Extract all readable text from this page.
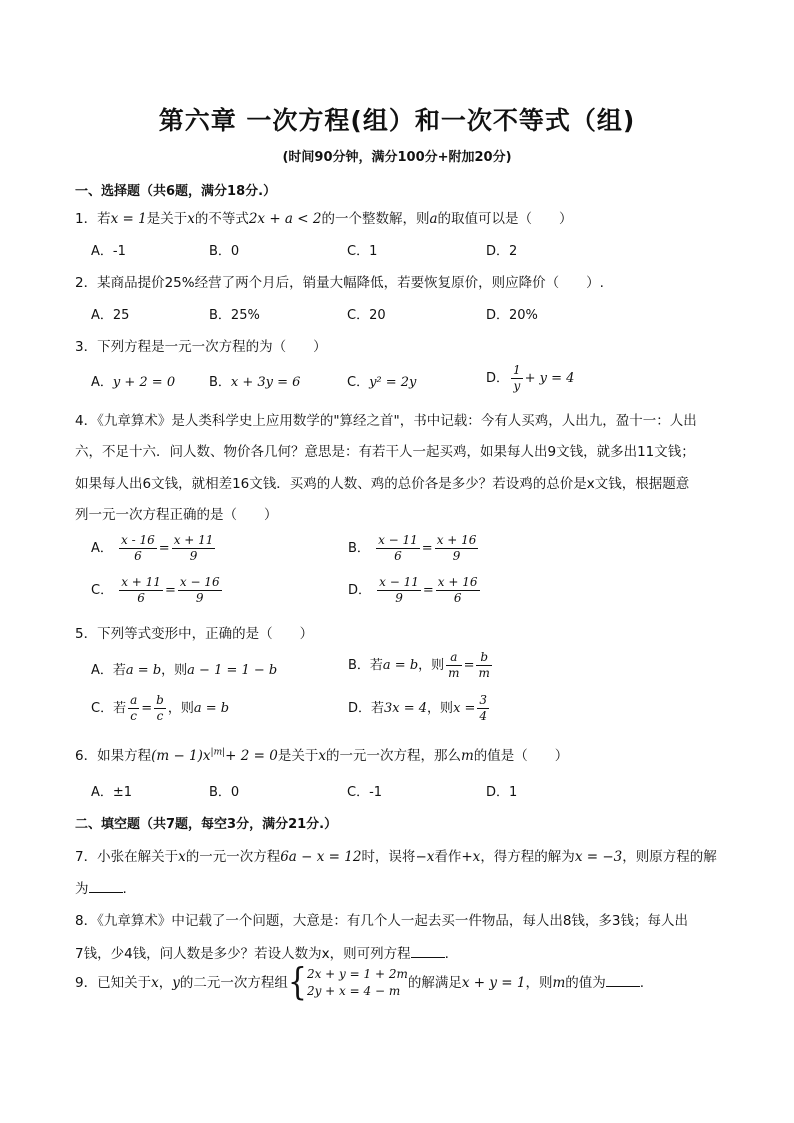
第六章 一次方程(组）和一次不等式（组)
(时间90分钟，满分100分+附加20分)
一、选择题（共6题，满分18分.）
1．若x = 1是关于x的不等式2x + a < 2的一个整数解，则a的取值可以是（　　）
A．-1	B．0	C．1	D．2
2．某商品提价25%经营了两个月后，销量大幅降低，若要恢复原价，则应降价（　　）.
A．25	B．25%	C．20	D．20%
3．下列方程是一元一次方程的为（　　）
A．y + 2 = 0	B．x + 3y = 6	C．y² = 2y	D． $\frac{1}{y} + y = 4$
4．《九章算术》是人类科学史上应用数学的"算经之首"，书中记载：今有人买鸡，人出九，盈十一：人出
六，不足十六．问人数、物价各几何？意思是：有若干人一起买鸡，如果每人出9文钱，就多出11文钱；
如果每人出6文钱，就相差16文钱．买鸡的人数、鸡的总价各是多少？若设鸡的总价是x文钱，根据题意
列一元一次方程正确的是（　　）
A． $\frac{x - 16}{6} = \frac{x + 11}{9}$	B． $\frac{x - 11}{6} = \frac{x + 16}{9}$
C． $\frac{x + 11}{6} = \frac{x - 16}{9}$	D． $\frac{x - 11}{9} = \frac{x + 16}{6}$
5．下列等式变形中，正确的是（　　）
A．若a = b，则a − 1 = 1 − b	B．若a = b，则 $\frac{a}{m} = \frac{b}{m}$
C．若 $\frac{a}{c} = \frac{b}{c}$ ，则a = b	D．若3x = 4，则$x = \frac{3}{4}$
6．如果方程$(m - 1)x^{|m|}+ 2 = 0$是关于x的一元一次方程，那么m的值是（　　）
A．±1	B．0	C．-1	D．1
二、填空题（共7题，每空3分，满分21分.）
7．小张在解关于x的一元一次方程6a − x = 12时，误将−x看作+x，得方程的解为x = −3，则原方程的解
为	.
8．《九章算术》中记载了一个问题，大意是：有几个人一起去买一件物品，每人出8钱，多3钱；每人出
7钱，少4钱，问人数是多少？若设人数为x，则可列方程	.
9．已知关于x，y的二元一次方程组{ 2x + y = 1 + 2m
2y + x = 4 − m 的解满足x + y = 1，则m的值为	.
